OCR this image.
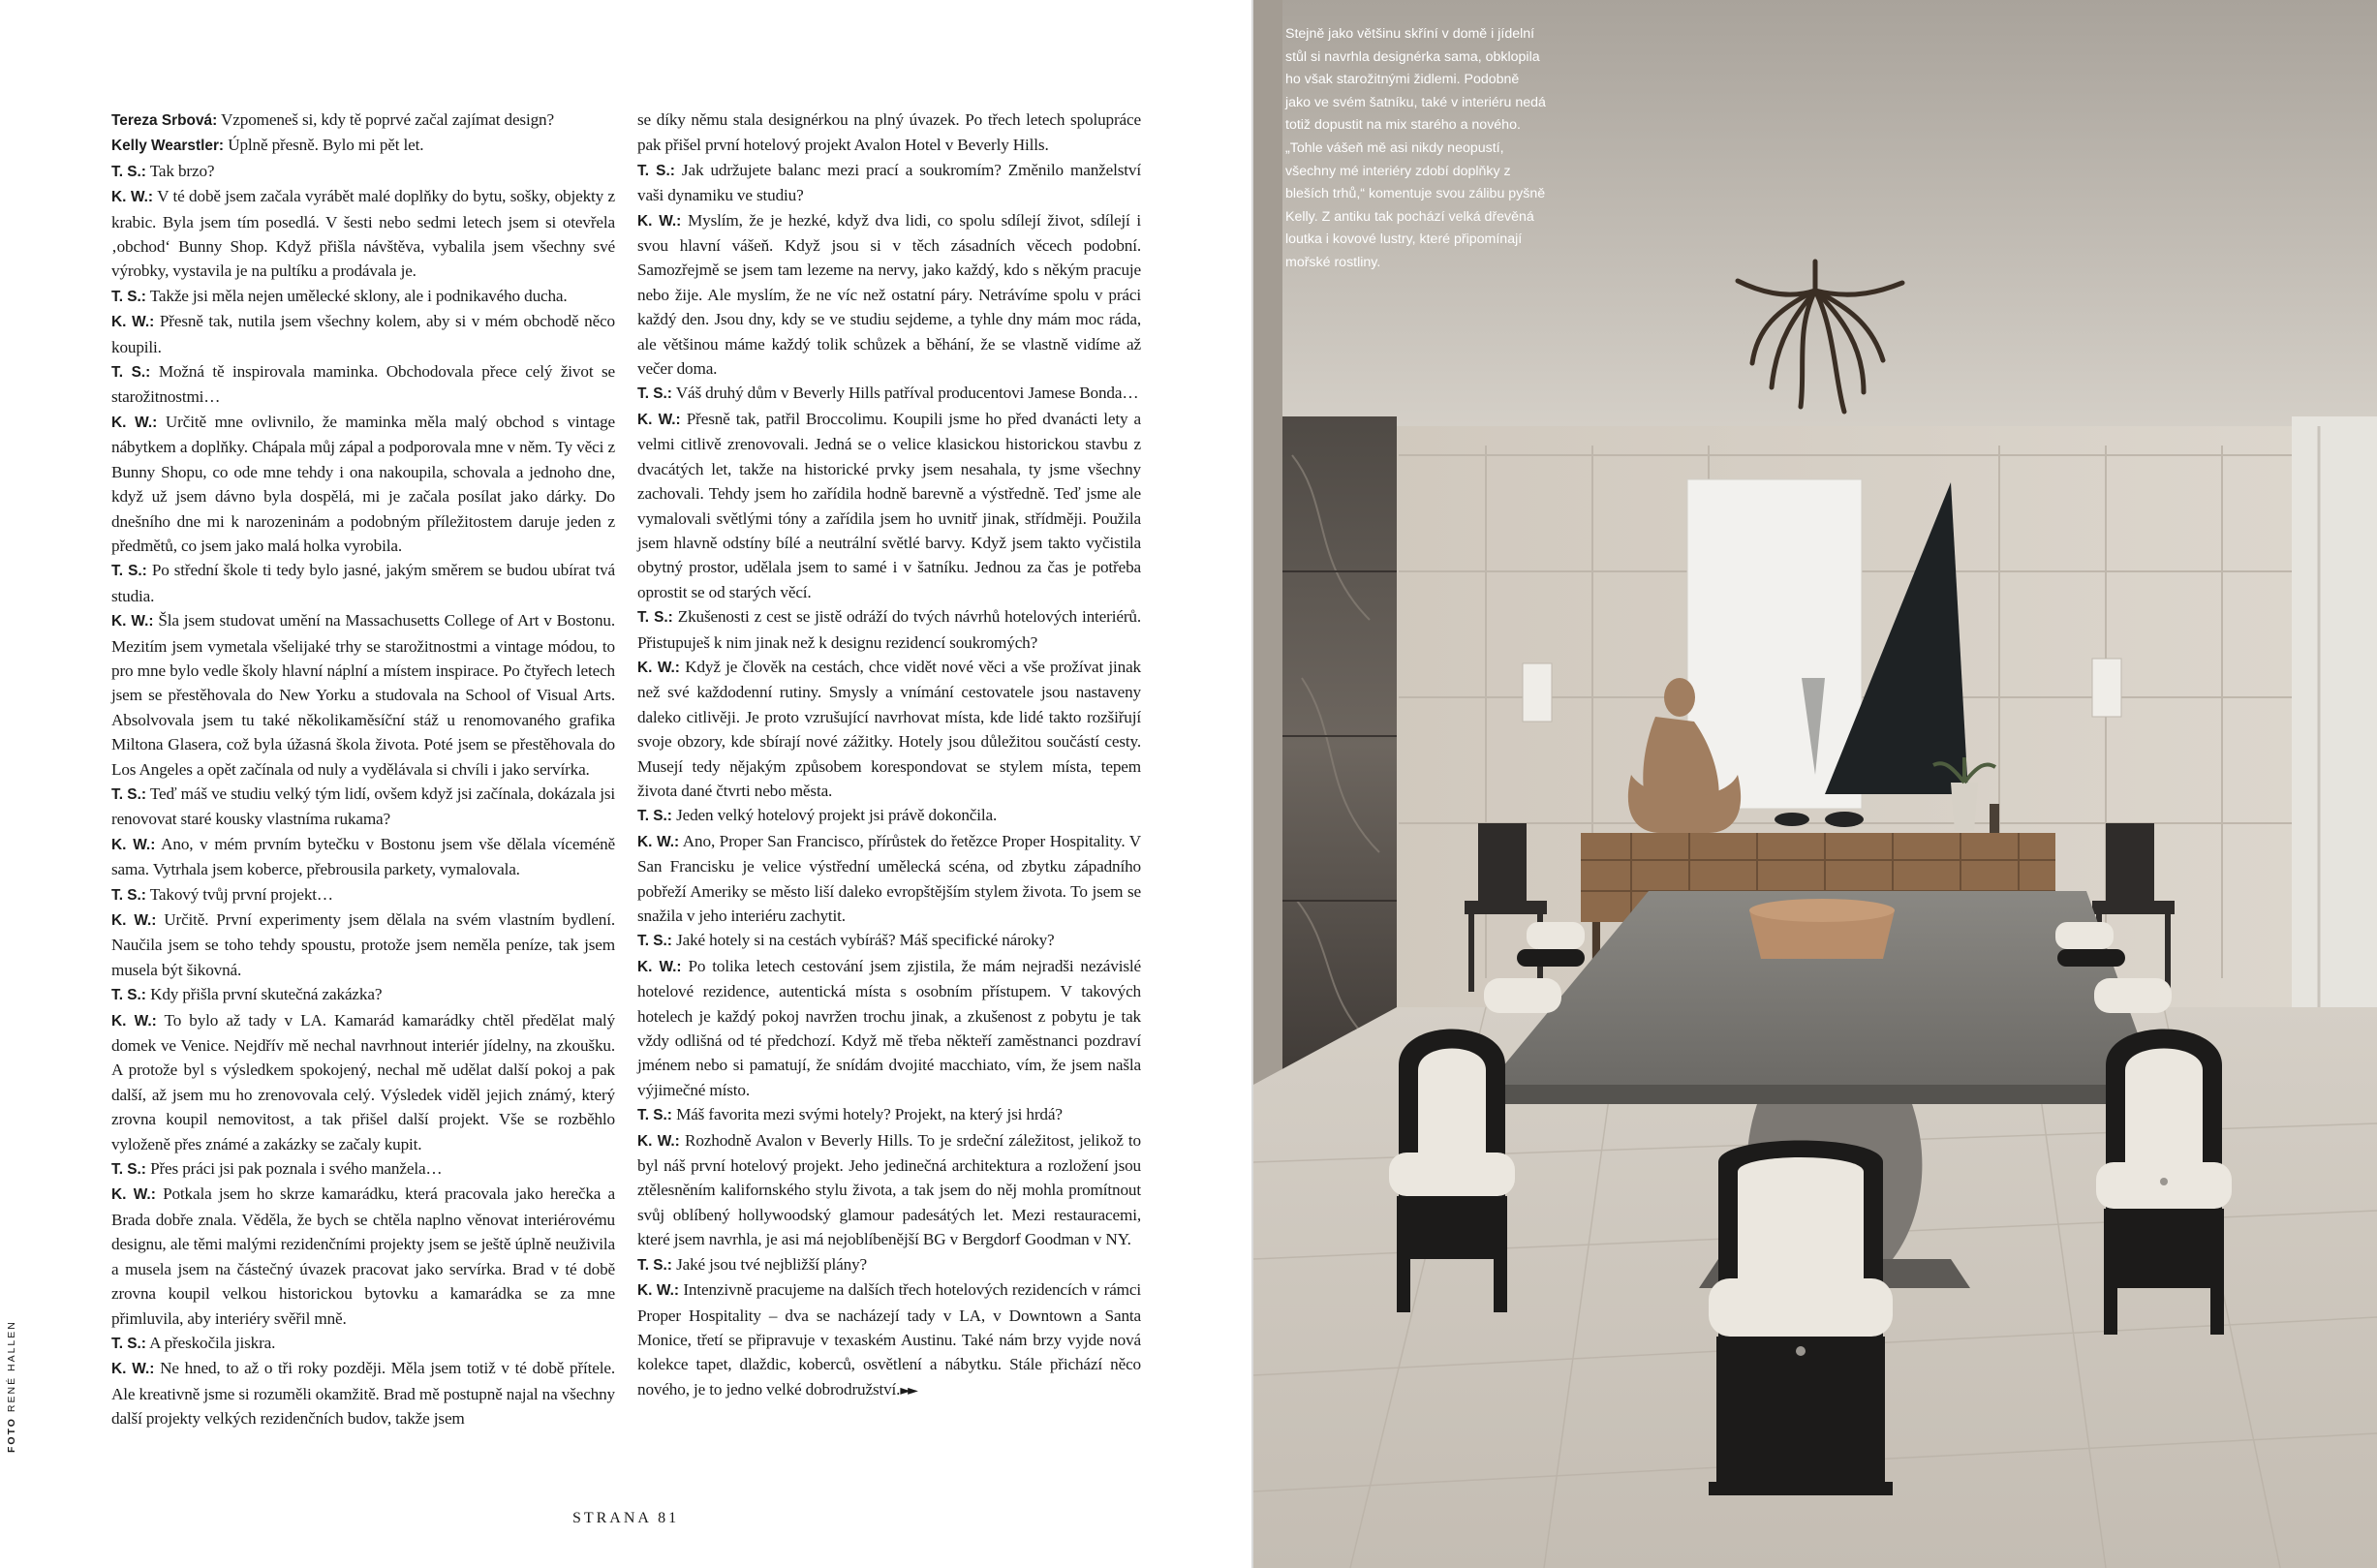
Tereza Srbová: Vzpomeneš si, kdy tě poprvé začal zajímat design?

Kelly Wearstler: Úplně přesně. Bylo mi pět let.

T. S.: Tak brzo?

K. W.: V té době jsem začala vyrábět malé doplňky do bytu, sošky, objekty z krabic. Byla jsem tím posedlá. V šesti nebo sedmi letech jsem si otevřela ‚obchod‘ Bunny Shop. Když přišla návštěva, vybalila jsem všechny své výrobky, vystavila je na pultíku a prodávala je.

T. S.: Takže jsi měla nejen umělecké sklony, ale i podnikavého ducha.

K. W.: Přesně tak, nutila jsem všechny kolem, aby si v mém obchodě něco koupili.

T. S.: Možná tě inspirovala maminka. Obchodovala přece celý život se starožitnostmi…

K. W.: Určitě mne ovlivnilo, že maminka měla malý obchod s vintage nábytkem a doplňky. Chápala můj zápal a podporovala mne v něm. Ty věci z Bunny Shopu, co ode mne tehdy i ona nakoupila, schovala a jednoho dne, když už jsem dávno byla dospělá, mi je začala posílat jako dárky. Do dnešního dne mi k narozeninám a podobným příležitostem daruje jeden z předmětů, co jsem jako malá holka vyrobila.

T. S.: Po střední škole ti tedy bylo jasné, jakým směrem se budou ubírat tvá studia.

K. W.: Šla jsem studovat umění na Massachusetts College of Art v Bostonu. Mezitím jsem vymetala všelijaké trhy se starožitnostmi a vintage módou, to pro mne bylo vedle školy hlavní náplní a místem inspirace. Po čtyřech letech jsem se přestěhovala do New Yorku a studovala na School of Visual Arts. Absolvovala jsem tu také několikaměsíční stáž u renomovaného grafika Miltona Glasera, což byla úžasná škola života. Poté jsem se přestěhovala do Los Angeles a opět začínala od nuly a vydělávala si chvíli i jako servírka.

T. S.: Teď máš ve studiu velký tým lidí, ovšem když jsi začínala, dokázala jsi renovovat staré kousky vlastníma rukama?

K. W.: Ano, v mém prvním bytečku v Bostonu jsem vše dělala víceméně sama. Vytrhala jsem koberce, přebrousila parkety, vymalovala.

T. S.: Takový tvůj první projekt…

K. W.: Určitě. První experimenty jsem dělala na svém vlastním bydlení. Naučila jsem se toho tehdy spoustu, protože jsem neměla peníze, tak jsem musela být šikovná.

T. S.: Kdy přišla první skutečná zakázka?

K. W.: To bylo až tady v LA. Kamarád kamarádky chtěl předělat malý domek ve Venice. Nejdřív mě nechal navrhnout interiér jídelny, na zkoušku. A protože byl s výsledkem spokojený, nechal mě udělat další pokoj a pak další, až jsem mu ho zrenovovala celý. Výsledek viděl jejich známý, který zrovna koupil nemovitost, a tak přišel další projekt. Vše se rozběhlo vyloženě přes známé a zakázky se začaly kupit.

T. S.: Přes práci jsi pak poznala i svého manžela…

K. W.: Potkala jsem ho skrze kamarádku, která pracovala jako herečka a Brada dobře znala. Věděla, že bych se chtěla naplno věnovat interiérovému designu, ale těmi malými rezidenčními projekty jsem se ještě úplně neuživila a musela jsem na částečný úvazek pracovat jako servírka. Brad v té době zrovna koupil velkou historickou bytovku a kamarádka se za mne přimluvila, aby interiéry svěřil mně.

T. S.: A přeskočila jiskra.

K. W.: Ne hned, to až o tři roky později. Měla jsem totiž v té době přítele. Ale kreativně jsme si rozuměli okamžitě. Brad mě postupně najal na všechny další projekty velkých rezidenčních budov, takže jsem

se díky němu stala designérkou na plný úvazek. Po třech letech spolupráce pak přišel první hotelový projekt Avalon Hotel v Beverly Hills.

T. S.: Jak udržujete balanc mezi prací a soukromím? Změnilo manželství vaši dynamiku ve studiu?

K. W.: Myslím, že je hezké, když dva lidi, co spolu sdílejí život, sdílejí i svou hlavní vášeň. Když jsou si v těch zásadních věcech podobní. Samozřejmě se jsem tam lezeme na nervy, jako každý, kdo s někým pracuje nebo žije. Ale myslím, že ne víc než ostatní páry. Netrávíme spolu v práci každý den. Jsou dny, kdy se ve studiu sejdeme, a tyhle dny mám moc ráda, ale většinou máme každý tolik schůzek a běhání, že se vlastně vidíme až večer doma.

T. S.: Váš druhý dům v Beverly Hills patříval producentovi Jamese Bonda…

K. W.: Přesně tak, patřil Broccolimu. Koupili jsme ho před dvanácti lety a velmi citlivě zrenovovali. Jedná se o velice klasickou historickou stavbu z dvacátých let, takže na historické prvky jsem nesahala, ty jsme všechny zachovali. Tehdy jsem ho zařídila hodně barevně a výstředně. Teď jsme ale vymalovali světlými tóny a zařídila jsem ho uvnitř jinak, střídměji. Použila jsem hlavně odstíny bílé a neutrální světlé barvy. Když jsem takto vyčistila obytný prostor, udělala jsem to samé i v šatníku. Jednou za čas je potřeba oprostit se od starých věcí.

T. S.: Zkušenosti z cest se jistě odráží do tvých návrhů hotelových interiérů. Přistupuješ k nim jinak než k designu rezidencí soukromých?

K. W.: Když je člověk na cestách, chce vidět nové věci a vše prožívat jinak než své každodenní rutiny. Smysly a vnímání cestovatele jsou nastaveny daleko citlivěji. Je proto vzrušující navrhovat místa, kde lidé takto rozšiřují svoje obzory, kde sbírají nové zážitky. Hotely jsou důležitou součástí cesty. Musejí tedy nějakým způsobem korespondovat se stylem místa, tepem života dané čtvrti nebo města.

T. S.: Jeden velký hotelový projekt jsi právě dokončila.

K. W.: Ano, Proper San Francisco, přírůstek do řetězce Proper Hospitality. V San Francisku je velice výstřední umělecká scéna, od zbytku západního pobřeží Ameriky se město liší daleko evropštějším stylem života. To jsem se snažila v jeho interiéru zachytit.

T. S.: Jaké hotely si na cestách vybíráš? Máš specifické nároky?

K. W.: Po tolika letech cestování jsem zjistila, že mám nejradši nezávislé hotelové rezidence, autentická místa s osobním přístupem. V takových hotelech je každý pokoj navržen trochu jinak, a zkušenost z pobytu je tak vždy odlišná od té předchozí. Když mě třeba někteří zaměstnanci pozdraví jménem nebo si pamatují, že snídám dvojité macchiato, vím, že jsem našla výjimečné místo.

T. S.: Máš favorita mezi svými hotely? Projekt, na který jsi hrdá?

K. W.: Rozhodně Avalon v Beverly Hills. To je srdeční záležitost, jelikož to byl náš první hotelový projekt. Jeho jedinečná architektura a rozložení jsou ztělesněním kalifornského stylu života, a tak jsem do něj mohla promítnout svůj oblíbený hollywoodský glamour padesátých let. Mezi restauracemi, které jsem navrhla, je asi má nejoblíbenější BG v Bergdorf Goodman v NY.

T. S.: Jaké jsou tvé nejbližší plány?

K. W.: Intenzivně pracujeme na dalších třech hotelových rezidencích v rámci Proper Hospitality – dva se nacházejí tady v LA, v Downtown a Santa Monice, třetí se připravuje v texaském Austinu. Také nám brzy vyjde nová kolekce tapet, dlaždic, koberců, osvětlení a nábytku. Stále přichází něco nového, je to jedno velké dobrodružství.►►

STRANA 81
FOTO RENÉ HALLEN
Stejně jako většinu skříní v domě i jídelní stůl si navrhla designérka sama, obklopila ho však starožitnými židlemi. Podobně jako ve svém šatníku, také v interiéru nedá totiž dopustit na mix starého a nového. „Tohle vášeň mě asi nikdy neopustí, všechny mé interiéry zdobí doplňky z bleších trhů,“ komentuje svou zálibu pyšně Kelly. Z antiku tak pochází velká dřevěná loutka i kovové lustry, které připomínají mořské rostliny.
